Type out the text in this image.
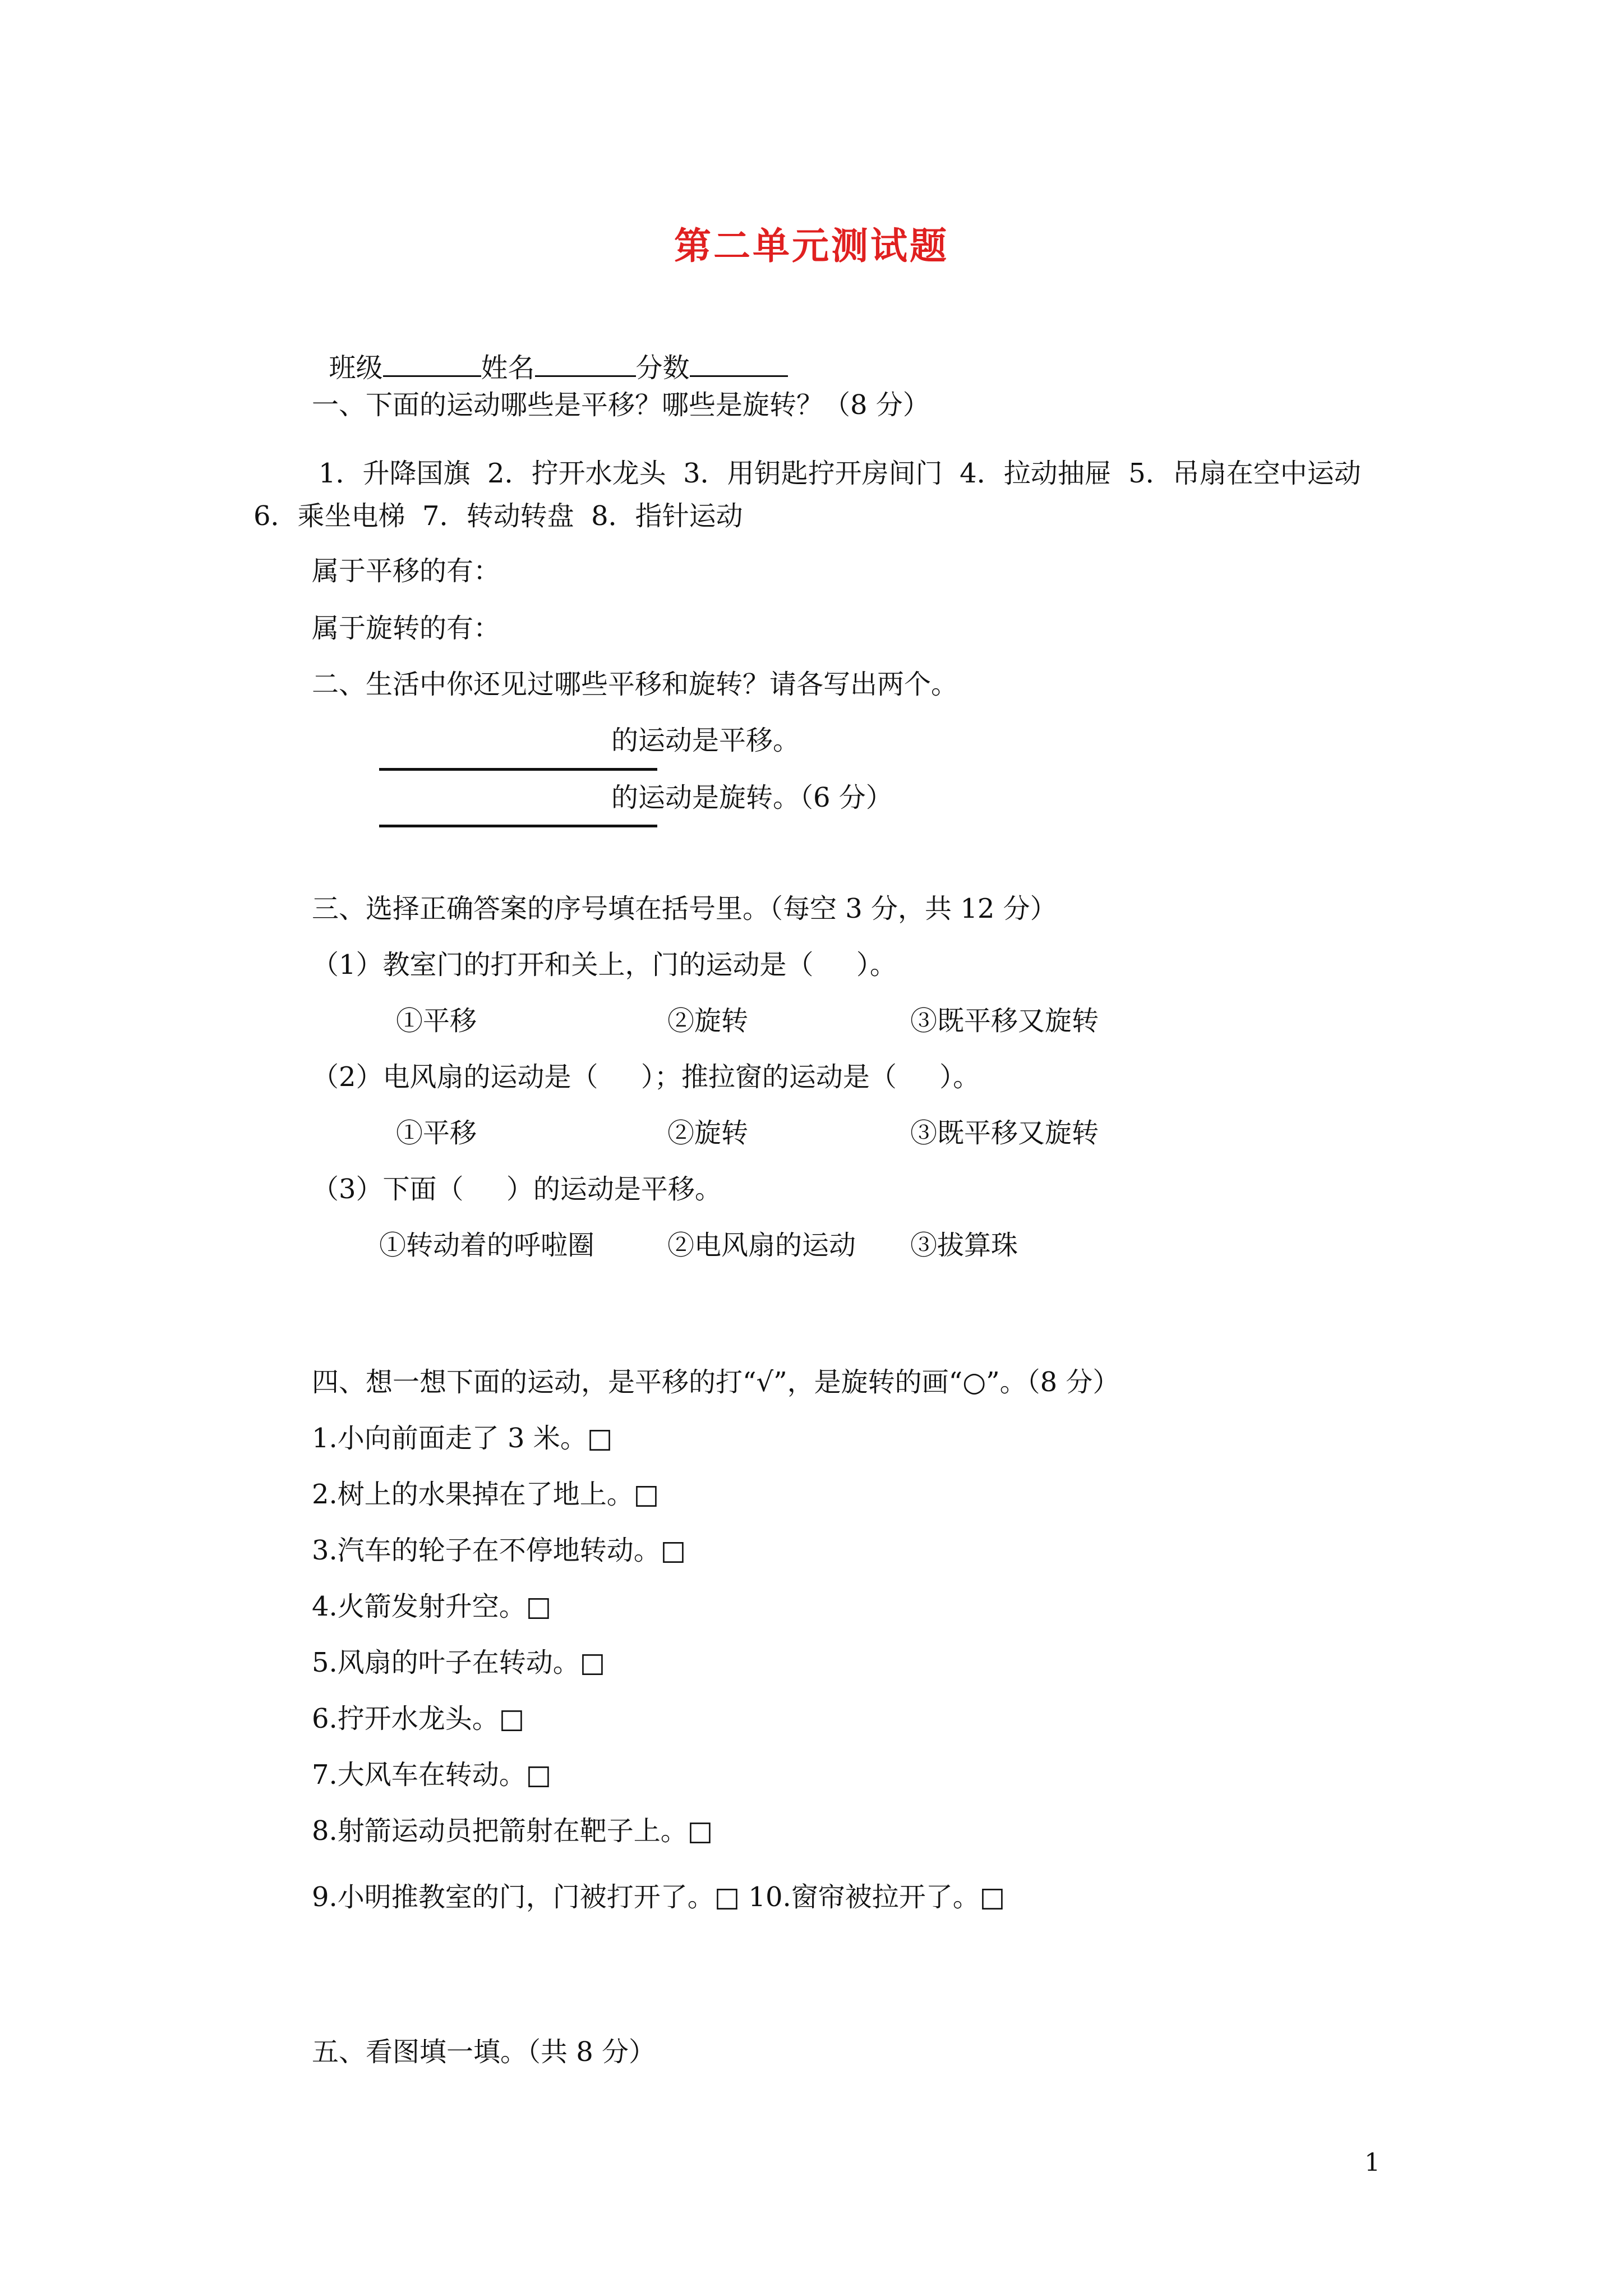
第二单元测试题

班级	姓名	分数

一、下面的运动哪些是平移？哪些是旋转？（8 分）
1．升降国旗  2．拧开水龙头  3．用钥匙拧开房间门  4．拉动抽屉  5．吊扇在空中运动
6．乘坐电梯  7．转动转盘  8．指针运动
属于平移的有：
属于旋转的有：
二、生活中你还见过哪些平移和旋转？请各写出两个。
的运动是平移。
的运动是旋转。（6 分）
三、选择正确答案的序号填在括号里。（每空 3 分，共 12 分）
（1）教室门的打开和关上，门的运动是（     ）。
①平移	②旋转	③既平移又旋转
（2）电风扇的运动是（     ）；推拉窗的运动是（     ）。
①平移	②旋转	③既平移又旋转
（3）下面（     ）的运动是平移。
①转动着的呼啦圈	②电风扇的运动 ③拔算珠
四、想一想下面的运动，是平移的打“√”，是旋转的画“○”。（8 分）
1.小向前面走了 3 米。□
2.树上的水果掉在了地上。□
3.汽车的轮子在不停地转动。□
4.火箭发射升空。□
5.风扇的叶子在转动。□
6.拧开水龙头。□
7.大风车在转动。□
8.射箭运动员把箭射在靶子上。□
9.小明推教室的门，门被打开了。□ 10.窗帘被拉开了。□
五、看图填一填。（共 8 分）
1
